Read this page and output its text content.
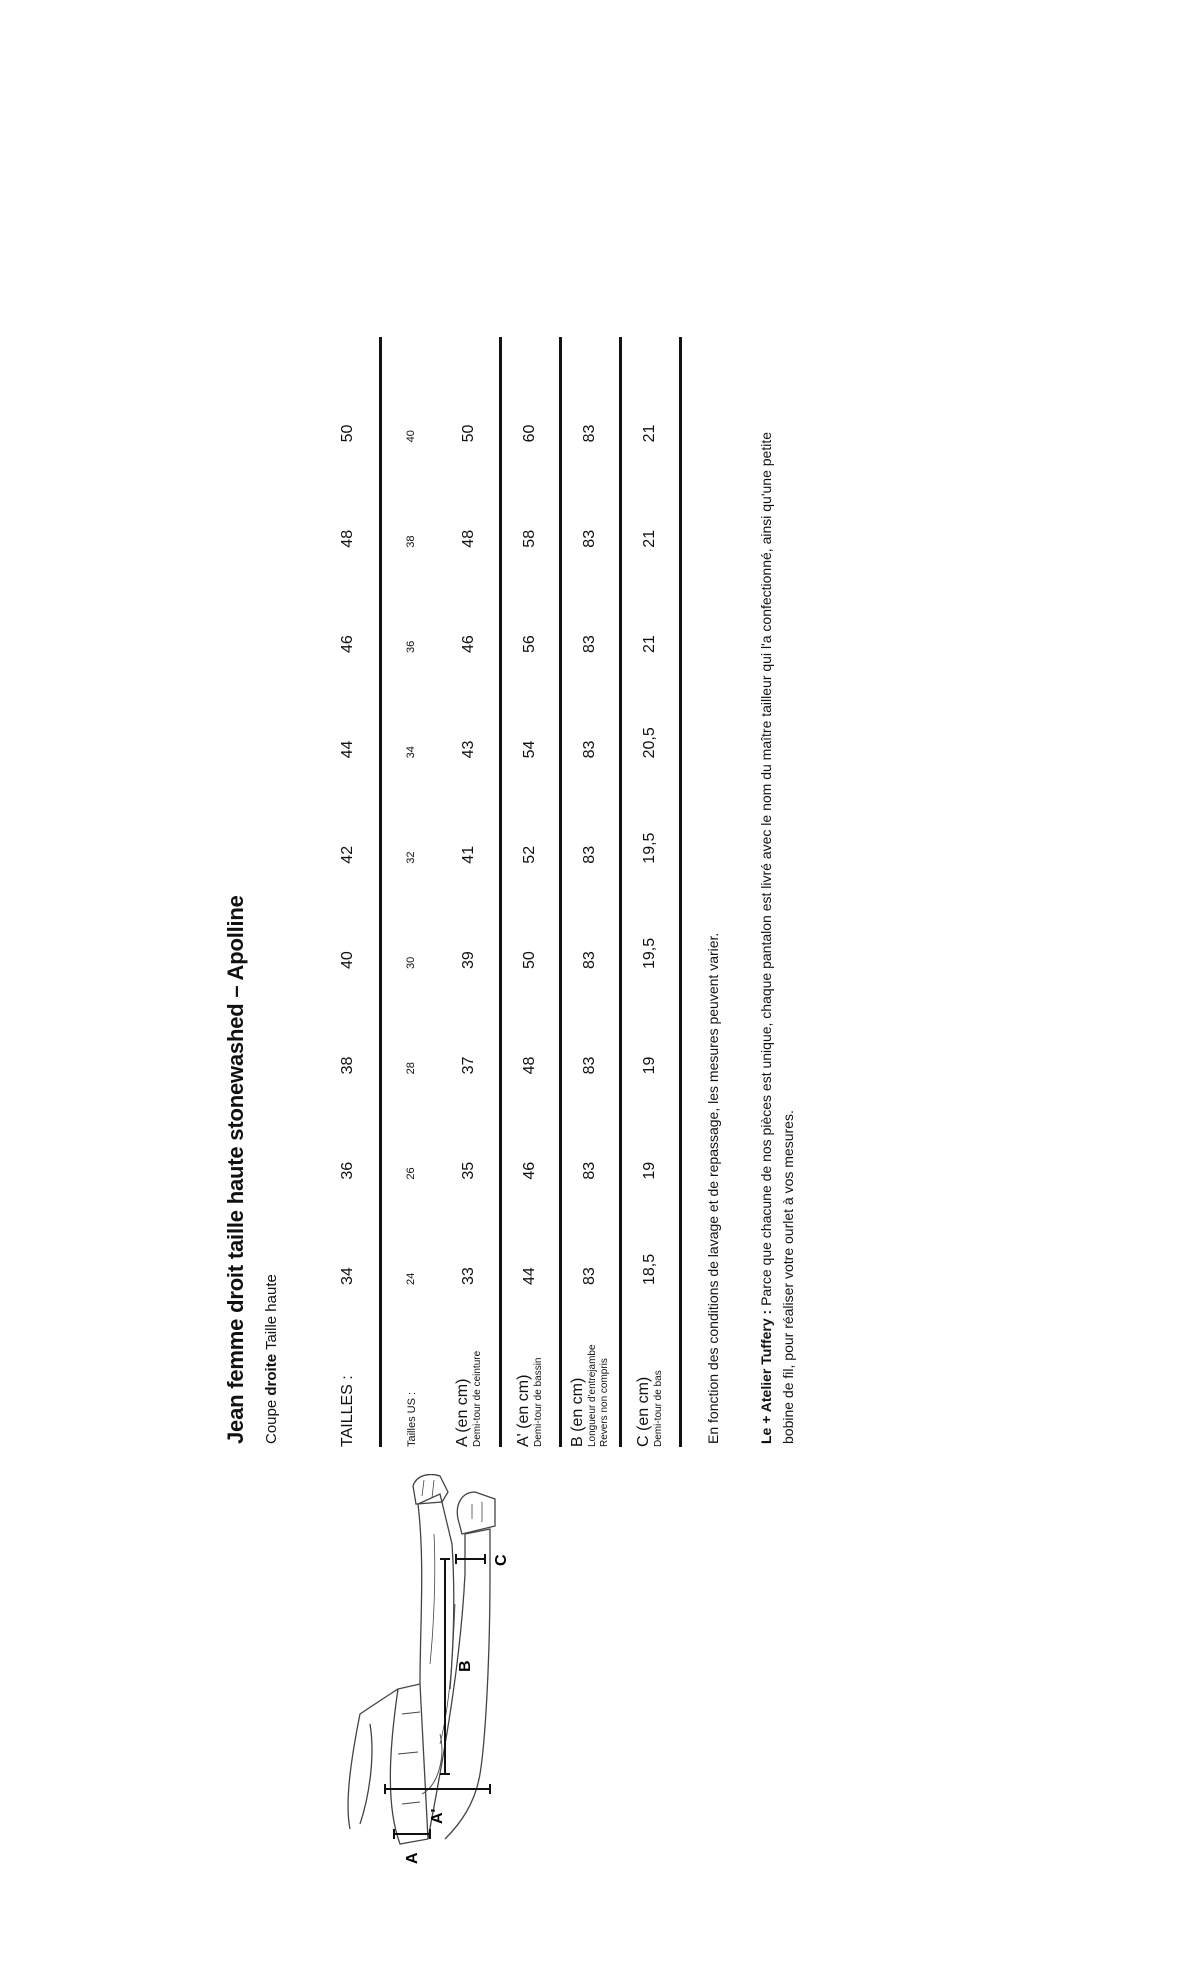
Jean femme droit taille haute stonewashed – Apolline Coupe droite Taille haute
TAILLES :	34	36	38	40	42	44	46	48	50
Tailles US :	24	26	28	30	32	34	36	38	40

A (en cm) Demi-tour de ceinture	33	35	37	39	41	43	46	48	50

A' (en cm) Demi-tour de bassin	44	46	48	50	52	54	56	58	60

B (en cm) Longueur d'entrejambe Revers non compris	83	83	83	83	83	83	83	83	83

C (en cm) Demi-tour de bas	18,5	19	19	19,5	19,5	20,5	21	21	21
En fonction des conditions de lavage et de repassage, les mesures peuvent varier.	Le + Atelier Tuffery : Parce que chacune de nos pièces est unique, chaque pantalon est livré avec le nom du maître tailleur qui l'a confectionné, ainsi qu'une petite bobine de fil, pour réaliser votre ourlet à vos mesures.
A
A'
B
C
